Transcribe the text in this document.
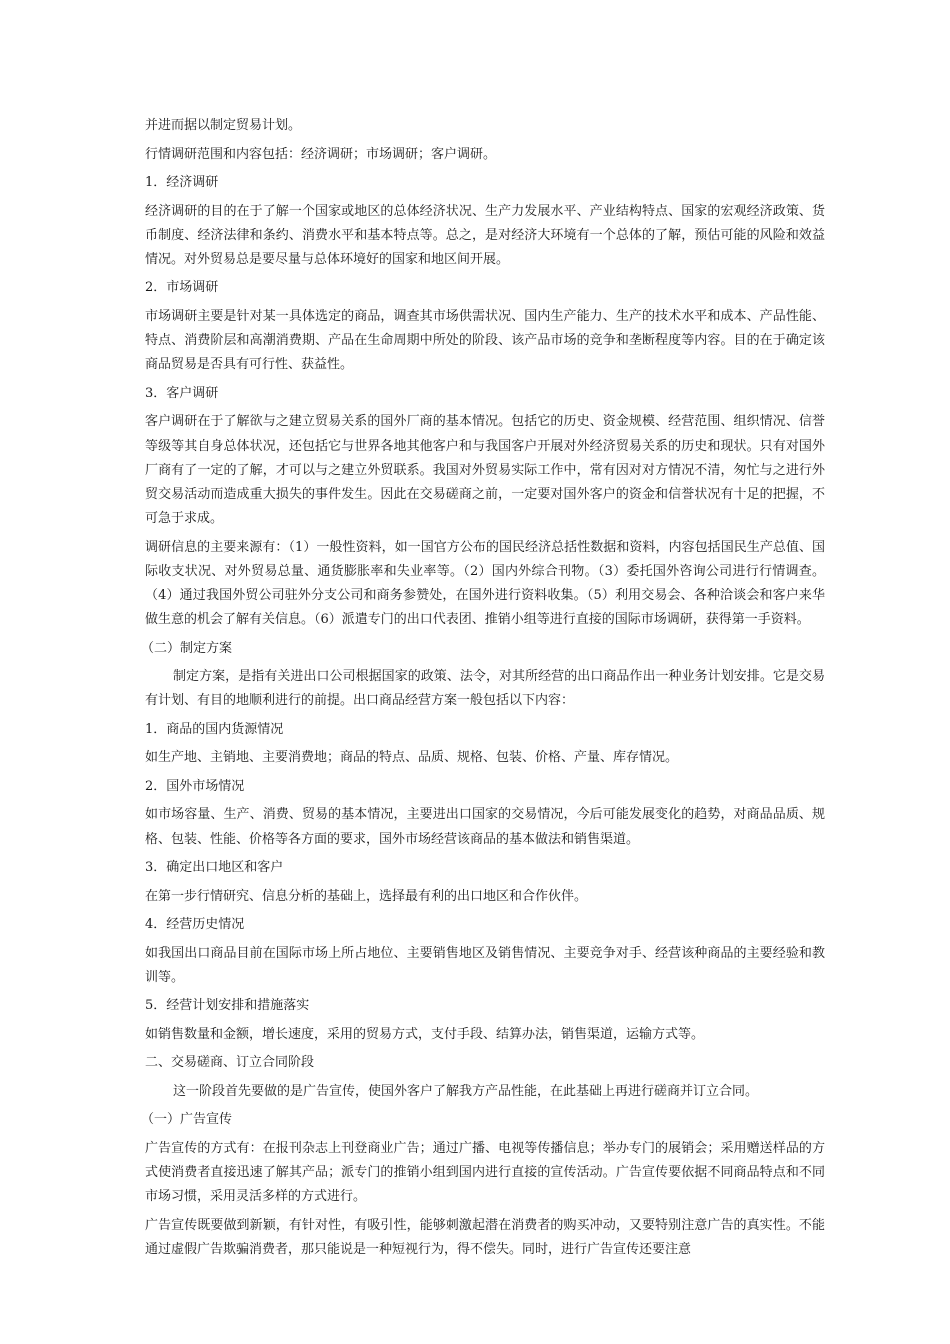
并进而据以制定贸易计划。

行情调研范围和内容包括：经济调研；市场调研；客户调研。

1．经济调研

经济调研的目的在于了解一个国家或地区的总体经济状况、生产力发展水平、产业结构特点、国家的宏观经济政策、货币制度、经济法律和条约、消费水平和基本特点等。总之，是对经济大环境有一个总体的了解，预估可能的风险和效益情况。对外贸易总是要尽量与总体环境好的国家和地区间开展。

2．市场调研

市场调研主要是针对某一具体选定的商品，调查其市场供需状况、国内生产能力、生产的技术水平和成本、产品性能、特点、消费阶层和高潮消费期、产品在生命周期中所处的阶段、该产品市场的竞争和垄断程度等内容。目的在于确定该商品贸易是否具有可行性、获益性。

3．客户调研

客户调研在于了解欲与之建立贸易关系的国外厂商的基本情况。包括它的历史、资金规模、经营范围、组织情况、信誉等级等其自身总体状况，还包括它与世界各地其他客户和与我国客户开展对外经济贸易关系的历史和现状。只有对国外厂商有了一定的了解，才可以与之建立外贸联系。我国对外贸易实际工作中，常有因对对方情况不清，匆忙与之进行外贸交易活动而造成重大损失的事件发生。因此在交易磋商之前，一定要对国外客户的资金和信誉状况有十足的把握，不可急于求成。

调研信息的主要来源有：（1）一般性资料，如一国官方公布的国民经济总括性数据和资料，内容包括国民生产总值、国际收支状况、对外贸易总量、通货膨胀率和失业率等。（2）国内外综合刊物。（3）委托国外咨询公司进行行情调查。（4）通过我国外贸公司驻外分支公司和商务参赞处，在国外进行资料收集。（5）利用交易会、各种洽谈会和客户来华做生意的机会了解有关信息。（6）派遣专门的出口代表团、推销小组等进行直接的国际市场调研，获得第一手资料。

（二）制定方案

制定方案，是指有关进出口公司根据国家的政策、法令，对其所经营的出口商品作出一种业务计划安排。它是交易有计划、有目的地顺利进行的前提。出口商品经营方案一般包括以下内容：

1．商品的国内货源情况

如生产地、主销地、主要消费地；商品的特点、品质、规格、包装、价格、产量、库存情况。

2．国外市场情况

如市场容量、生产、消费、贸易的基本情况，主要进出口国家的交易情况，今后可能发展变化的趋势，对商品品质、规格、包装、性能、价格等各方面的要求，国外市场经营该商品的基本做法和销售渠道。

3．确定出口地区和客户

在第一步行情研究、信息分析的基础上，选择最有利的出口地区和合作伙伴。

4．经营历史情况

如我国出口商品目前在国际市场上所占地位、主要销售地区及销售情况、主要竞争对手、经营该种商品的主要经验和教训等。

5．经营计划安排和措施落实

如销售数量和金额，增长速度，采用的贸易方式，支付手段、结算办法，销售渠道，运输方式等。

二、交易磋商、订立合同阶段

这一阶段首先要做的是广告宣传，使国外客户了解我方产品性能，在此基础上再进行磋商并订立合同。

（一）广告宣传

广告宣传的方式有：在报刊杂志上刊登商业广告；通过广播、电视等传播信息；举办专门的展销会；采用赠送样品的方式使消费者直接迅速了解其产品；派专门的推销小组到国内进行直接的宣传活动。广告宣传要依据不同商品特点和不同市场习惯，采用灵活多样的方式进行。

广告宣传既要做到新颖，有针对性，有吸引性，能够刺激起潜在消费者的购买冲动，又要特别注意广告的真实性。不能通过虚假广告欺骗消费者，那只能说是一种短视行为，得不偿失。同时，进行广告宣传还要注意
